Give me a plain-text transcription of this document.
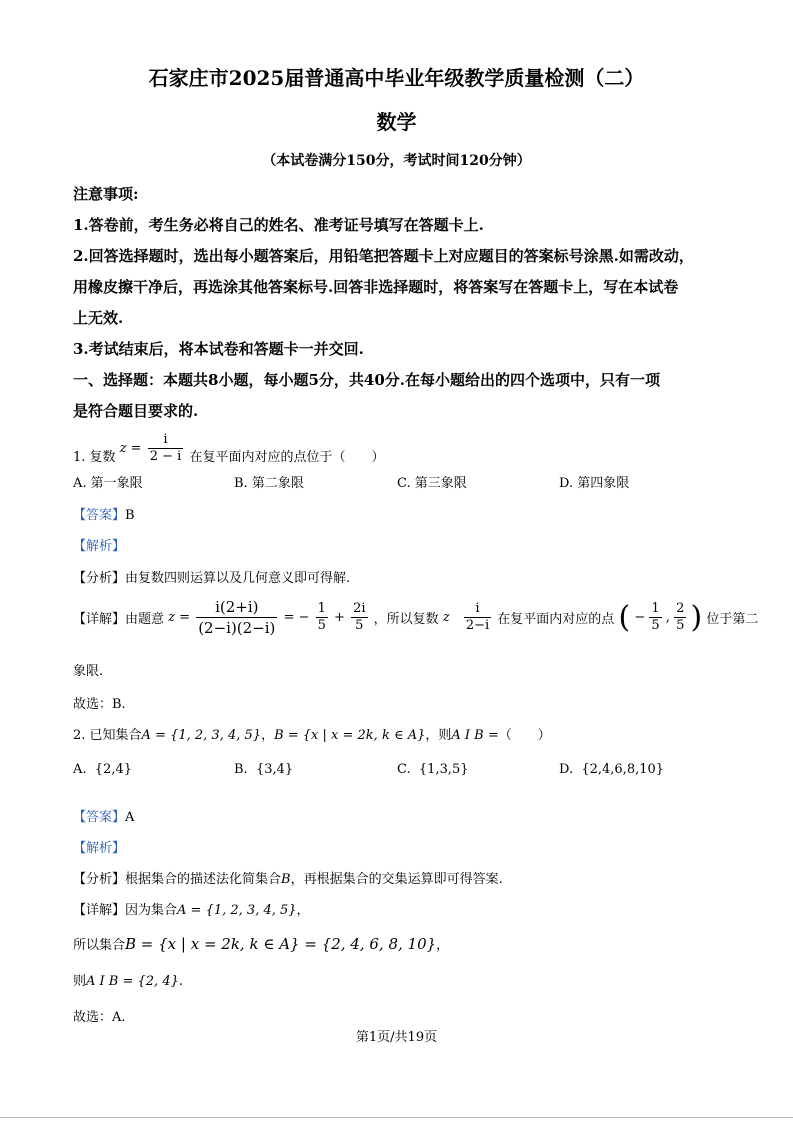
石家庄市2025届普通高中毕业年级教学质量检测（二）
数学
（本试卷满分150分，考试时间120分钟）
注意事项:
1.答卷前，考生务必将自己的姓名、准考证号填写在答题卡上.
2.回答选择题时，选出每小题答案后，用铅笔把答题卡上对应题目的答案标号涂黑.如需改动，
用橡皮擦干净后，再选涂其他答案标号.回答非选择题时，将答案写在答题卡上，写在本试卷
上无效.
3.考试结束后，将本试卷和答题卡一并交回.
一、选择题：本题共8小题，每小题5分，共40分.在每小题给出的四个选项中，只有一项
是符合题目要求的.
1. 复数 $z = \frac{i}{2 - i}$ 在复平面内对应的点位于（　　）
A. 第一象限	B. 第二象限	C. 第三象限	D. 第四象限
【答案】B
【解析】
【分析】由复数四则运算以及几何意义即可得解.
【详解】由题意 $z = \frac{i(2+i)}{(2-i)(2-i)}$ = − $\frac{1}{5} + \frac{2i}{5}$ ，所以复数 z $\frac{i}{2-i}$ 在复平面内对应的点 ( − $\frac{1}{5}$ , $\frac{2}{5}$ ) 位于第二
象限.
故选：B.
2. 已知集合A = {1, 2, 3, 4, 5}，B = {x | x = 2k, k ∈ A}，则A I B =（　　）
A. {2,4}	B. {3,4}	C. {1,3,5}	D. {2,4,6,8,10}
【答案】A
【解析】
【分析】根据集合的描述法化简集合B，再根据集合的交集运算即可得答案.
【详解】因为集合A = {1, 2, 3, 4, 5}，
所以集合B = {x | x = 2k, k ∈ A} = {2, 4, 6, 8, 10}，
则A I B = {2, 4}.
故选：A.
第1页/共19页
